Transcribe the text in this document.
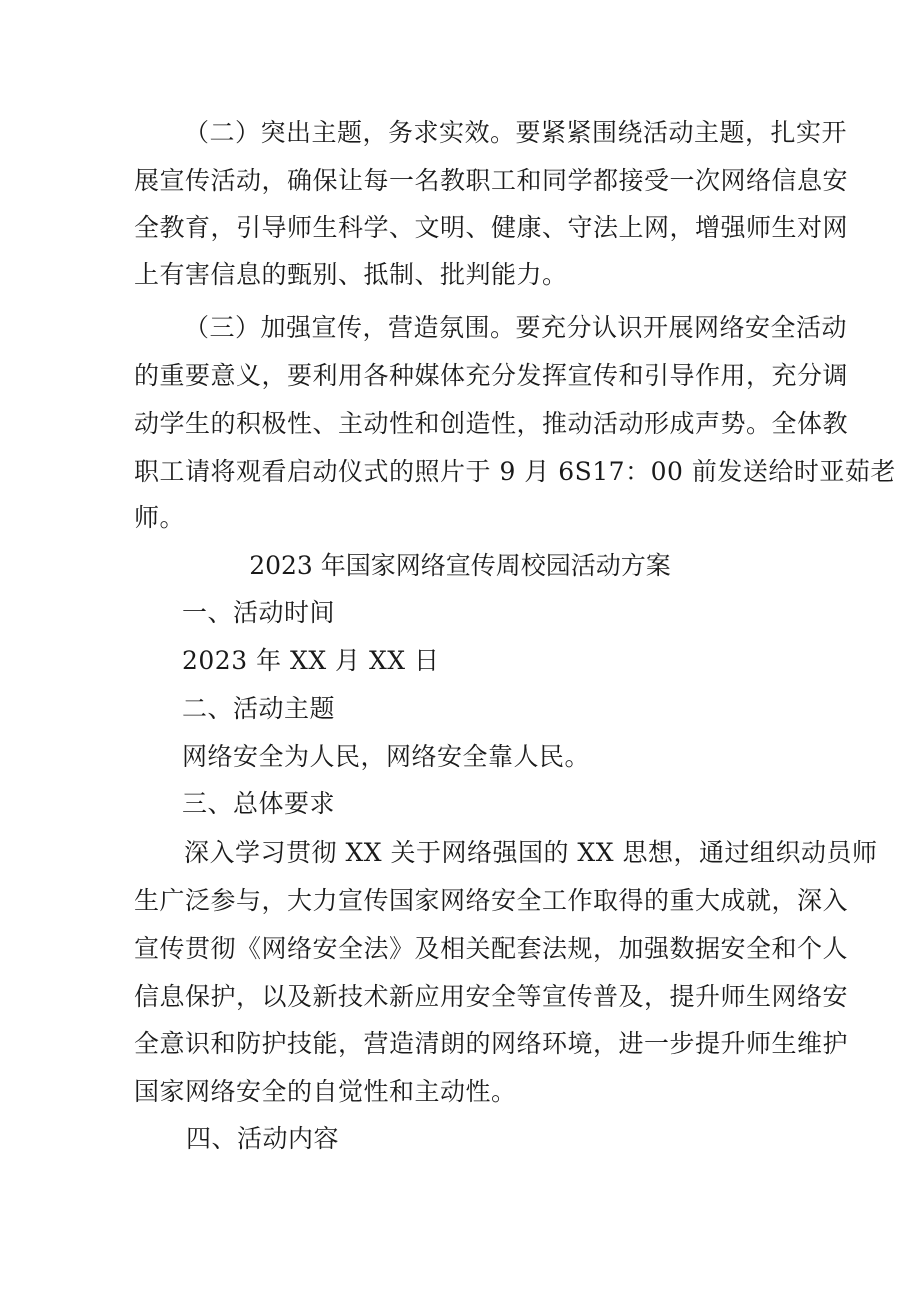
（二）突出主题，务求实效。要紧紧围绕活动主题，扎实开
展宣传活动，确保让每一名教职工和同学都接受一次网络信息安
全教育，引导师生科学、文明、健康、守法上网，增强师生对网
上有害信息的甄别、抵制、批判能力。
（三）加强宣传，营造氛围。要充分认识开展网络安全活动
的重要意义，要利用各种媒体充分发挥宣传和引导作用，充分调
动学生的积极性、主动性和创造性，推动活动形成声势。全体教
职工请将观看启动仪式的照片于 9 月 6S17：00 前发送给时亚茹老
师。
2023 年国家网络宣传周校园活动方案
一、活动时间
2023 年 XX 月 XX 日
二、活动主题
网络安全为人民，网络安全靠人民。
三、总体要求
深入学习贯彻 XX 关于网络强国的 XX 思想，通过组织动员师
生广泛参与，大力宣传国家网络安全工作取得的重大成就，深入
宣传贯彻《网络安全法》及相关配套法规，加强数据安全和个人
信息保护，以及新技术新应用安全等宣传普及，提升师生网络安
全意识和防护技能，营造清朗的网络环境，进一步提升师生维护
国家网络安全的自觉性和主动性。
四、活动内容
